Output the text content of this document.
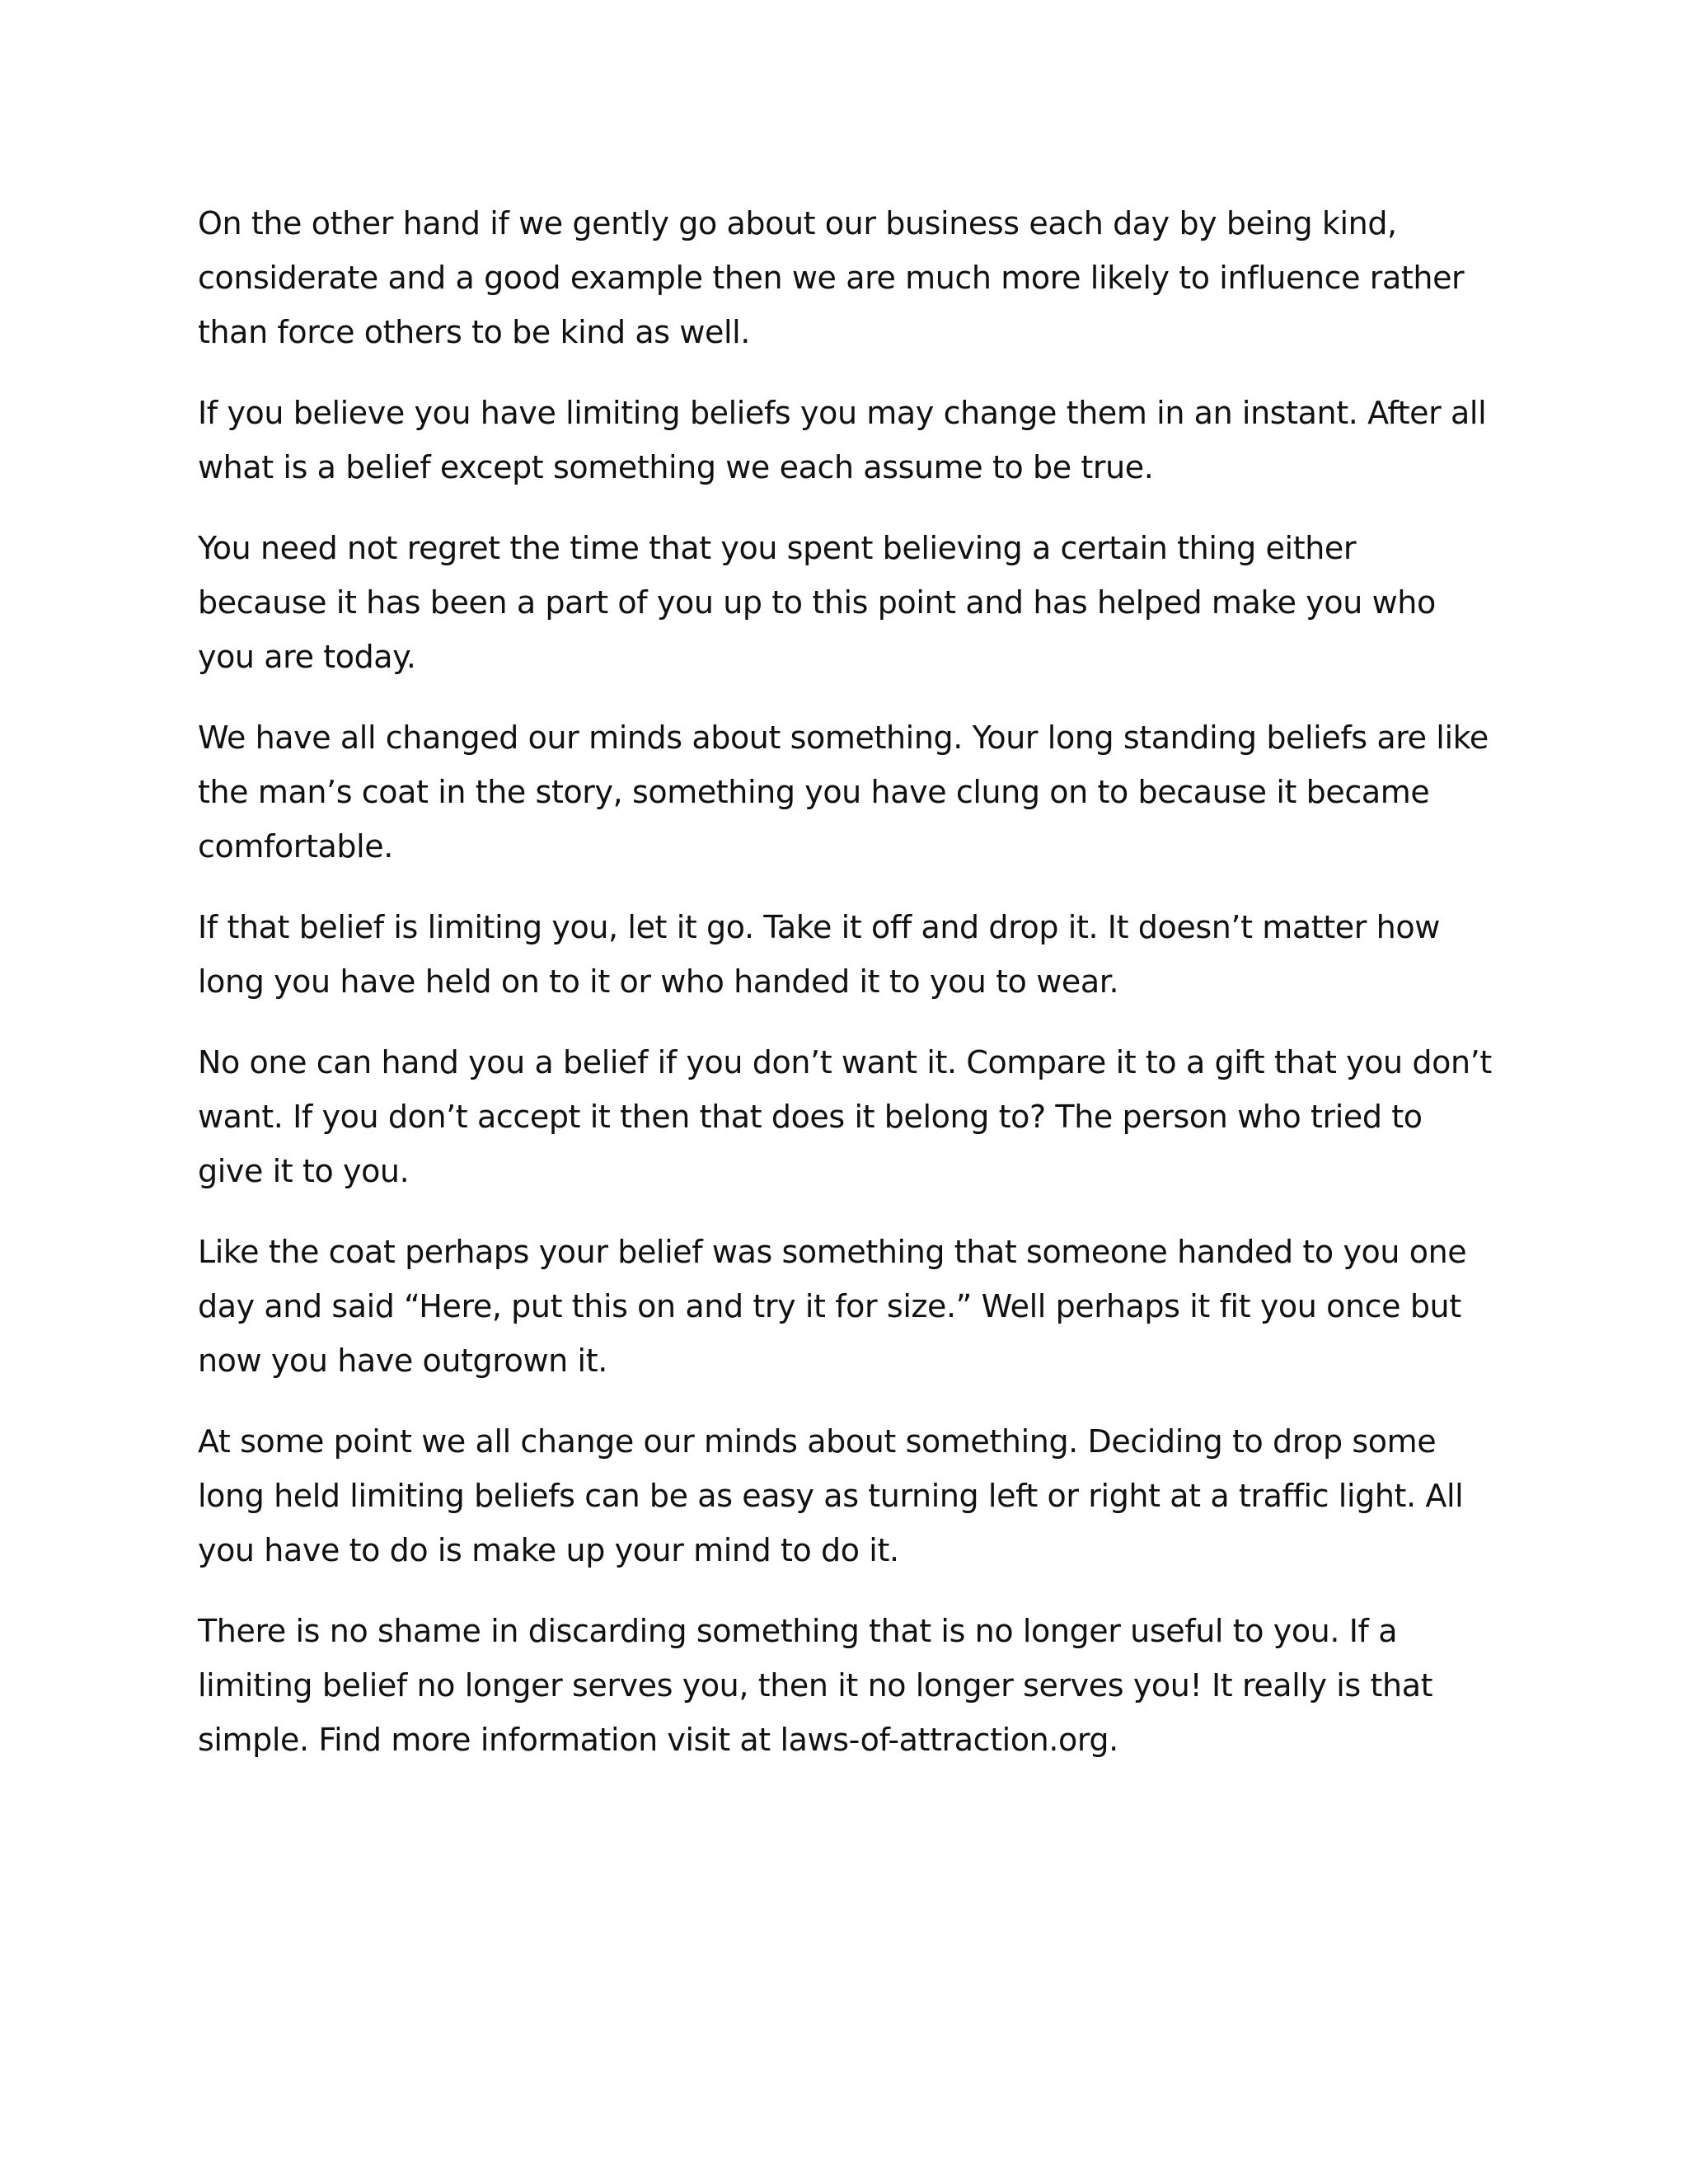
On the other hand if we gently go about our business each day by being kind, considerate and a good example then we are much more likely to influence rather than force others to be kind as well.

If you believe you have limiting beliefs you may change them in an instant. After all what is a belief except something we each assume to be true.

You need not regret the time that you spent believing a certain thing either because it has been a part of you up to this point and has helped make you who you are today.

We have all changed our minds about something. Your long standing beliefs are like the man’s coat in the story, something you have clung on to because it became comfortable.

If that belief is limiting you, let it go. Take it off and drop it. It doesn’t matter how long you have held on to it or who handed it to you to wear.

No one can hand you a belief if you don’t want it. Compare it to a gift that you don’t want. If you don’t accept it then that does it belong to? The person who tried to give it to you.

Like the coat perhaps your belief was something that someone handed to you one day and said “Here, put this on and try it for size.” Well perhaps it fit you once but now you have outgrown it.

At some point we all change our minds about something. Deciding to drop some long held limiting beliefs can be as easy as turning left or right at a traffic light. All you have to do is make up your mind to do it.

There is no shame in discarding something that is no longer useful to you. If a limiting belief no longer serves you, then it no longer serves you! It really is that simple. Find more information visit at laws-of-attraction.org.
